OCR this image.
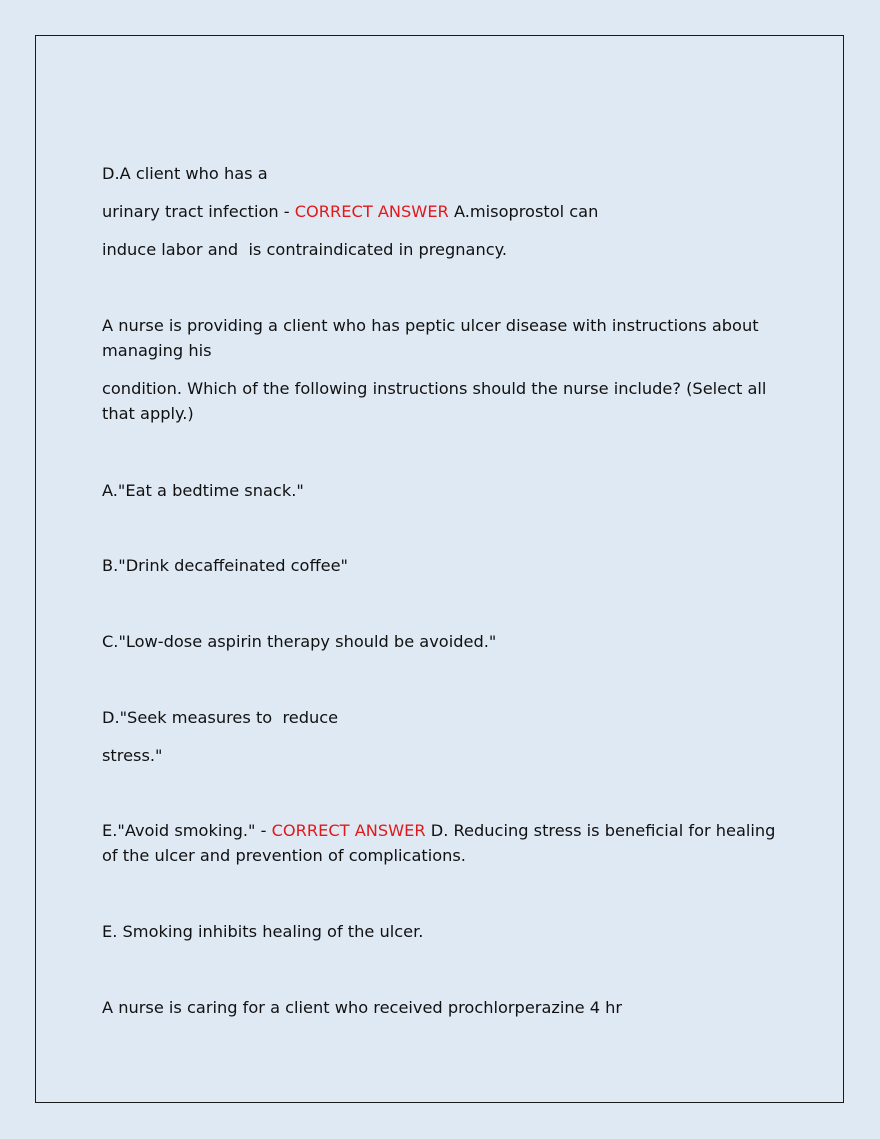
D.A client who has a

urinary tract infection - CORRECT ANSWER A.misoprostol can

induce labor and  is contraindicated in pregnancy.

A nurse is providing a client who has peptic ulcer disease with instructions about managing his

condition. Which of the following instructions should the nurse include? (Select all that apply.)

A."Eat a bedtime snack."

B."Drink decaffeinated coffee"

C."Low-dose aspirin therapy should be avoided."

D."Seek measures to  reduce

stress."

E."Avoid smoking." - CORRECT ANSWER D. Reducing stress is beneficial for healing of the ulcer and prevention of complications.

E. Smoking inhibits healing of the ulcer.

A nurse is caring for a client who received prochlorperazine 4 hr
